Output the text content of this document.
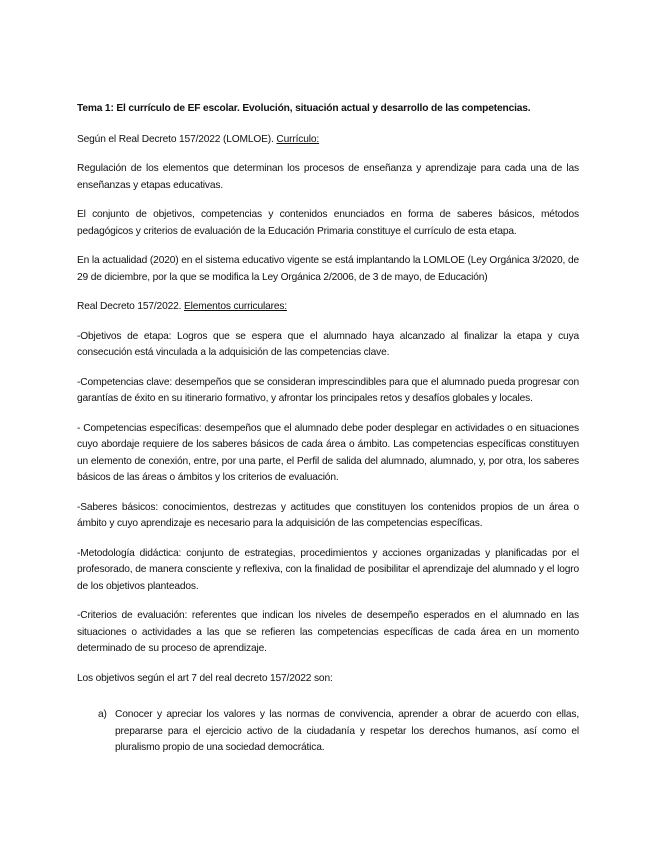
Tema 1: El currículo de EF escolar. Evolución, situación actual y desarrollo de las competencias.

Según el Real Decreto 157/2022 (LOMLOE). Currículo:

Regulación de los elementos que determinan los procesos de enseñanza y aprendizaje para cada una de las enseñanzas y etapas educativas.

El conjunto de objetivos, competencias y contenidos enunciados en forma de saberes básicos, métodos pedagógicos y criterios de evaluación de la Educación Primaria constituye el currículo de esta etapa.

En la actualidad (2020) en el sistema educativo vigente se está implantando la LOMLOE (Ley Orgánica 3/2020, de 29 de diciembre, por la que se modifica la Ley Orgánica 2/2006, de 3 de mayo, de Educación)

Real Decreto 157/2022. Elementos curriculares:

-Objetivos de etapa: Logros que se espera que el alumnado haya alcanzado al finalizar la etapa y cuya consecución está vinculada a la adquisición de las competencias clave.

-Competencias clave: desempeños que se consideran imprescindibles para que el alumnado pueda progresar con garantías de éxito en su itinerario formativo, y afrontar los principales retos y desafíos globales y locales.

- Competencias específicas: desempeños que el alumnado debe poder desplegar en actividades o en situaciones cuyo abordaje requiere de los saberes básicos de cada área o ámbito. Las competencias específicas constituyen un elemento de conexión, entre, por una parte, el Perfil de salida del alumnado, alumnado, y, por otra, los saberes básicos de las áreas o ámbitos y los criterios de evaluación.

-Saberes básicos: conocimientos, destrezas y actitudes que constituyen los contenidos propios de un área o ámbito y cuyo aprendizaje es necesario para la adquisición de las competencias específicas.

-Metodología didáctica: conjunto de estrategias, procedimientos y acciones organizadas y planificadas por el profesorado, de manera consciente y reflexiva, con la finalidad de posibilitar el aprendizaje del alumnado y el logro de los objetivos planteados.

-Criterios de evaluación: referentes que indican los niveles de desempeño esperados en el alumnado en las situaciones o actividades a las que se refieren las competencias específicas de cada área en un momento determinado de su proceso de aprendizaje.

Los objetivos según el art 7 del real decreto 157/2022 son:

a) Conocer y apreciar los valores y las normas de convivencia, aprender a obrar de acuerdo con ellas, prepararse para el ejercicio activo de la ciudadanía y respetar los derechos humanos, así como el pluralismo propio de una sociedad democrática.
